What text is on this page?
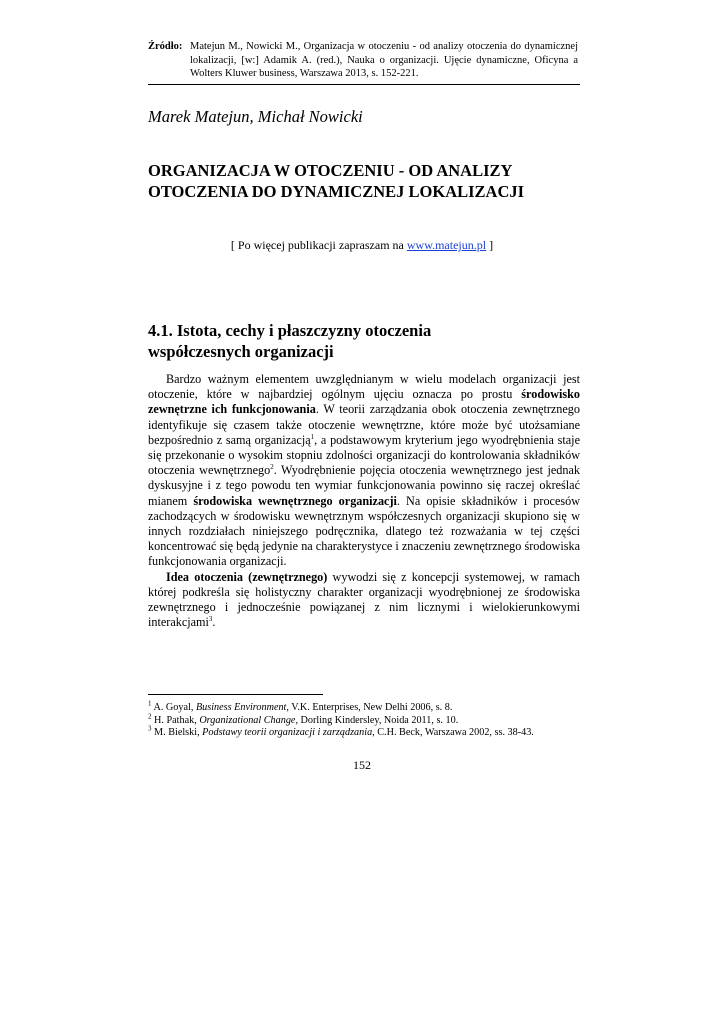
Źródło: Matejun M., Nowicki M., Organizacja w otoczeniu - od analizy otoczenia do dynamicznej lokalizacji, [w:] Adamik A. (red.), Nauka o organizacji. Ujęcie dynamiczne, Oficyna a Wolters Kluwer business, Warszawa 2013, s. 152-221.
Marek Matejun, Michał Nowicki
ORGANIZACJA W OTOCZENIU - OD ANALIZY
OTOCZENIA DO DYNAMICZNEJ LOKALIZACJI
[ Po więcej publikacji zapraszam na www.matejun.pl ]
4.1. Istota, cechy i płaszczyzny otoczenia
współczesnych organizacji

Bardzo ważnym elementem uwzględnianym w wielu modelach organizacji jest otoczenie, które w najbardziej ogólnym ujęciu oznacza po prostu środowisko zewnętrzne ich funkcjonowania. W teorii zarządzania obok otoczenia zewnętrznego identyfikuje się czasem także otoczenie wewnętrzne, które może być utożsamiane bezpośrednio z samą organizacją$^1$, a podstawowym kryterium jego wyodrębnienia staje się przekonanie o wysokim stopniu zdolności organizacji do kontrolowania składników otoczenia wewnętrznego$^2$. Wyodrębnienie pojęcia otoczenia wewnętrznego jest jednak dyskusyjne i z tego powodu ten wymiar funkcjonowania powinno się raczej określać mianem środowiska wewnętrznego organizacji. Na opisie składników i procesów zachodzących w środowisku wewnętrznym współczesnych organizacji skupiono się w innych rozdziałach niniejszego podręcznika, dlatego też rozważania w tej części koncentrować się będą jedynie na charakterystyce i znaczeniu zewnętrznego środowiska funkcjonowania organizacji.

Idea otoczenia (zewnętrznego) wywodzi się z koncepcji systemowej, w ramach której podkreśla się holistyczny charakter organizacji wyodrębnionej ze środowiska zewnętrznego i jednocześnie powiązanej z nim licznymi i wielokierunkowymi interakcjami$^3$.

$^1$ A. Goyal, Business Environment, V.K. Enterprises, New Delhi 2006, s. 8.
$^2$ H. Pathak, Organizational Change, Dorling Kindersley, Noida 2011, s. 10.
$^3$ M. Bielski, Podstawy teorii organizacji i zarządzania, C.H. Beck, Warszawa 2002, ss. 38-43.
152
